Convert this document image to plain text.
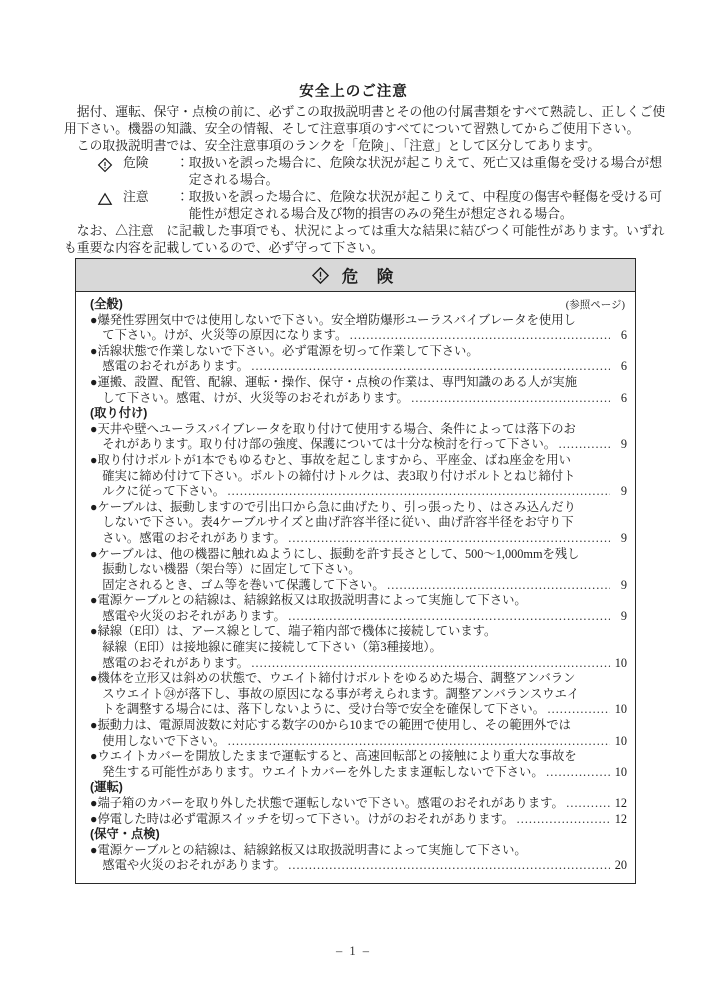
安全上のご注意
据付、運転、保守・点検の前に、必ずこの取扱説明書とその他の付属書類をすべて熟読し、正しくご使
用下さい。機器の知識、安全の情報、そして注意事項のすべてについて習熟してからご使用下さい。
この取扱説明書では、安全注意事項のランクを「危険」、「注意」として区分してあります。
危険	：取扱いを誤った場合に、危険な状況が起こりえて、死亡又は重傷を受ける場合が想
定される場合。
注意	：取扱いを誤った場合に、危険な状況が起こりえて、中程度の傷害や軽傷を受ける可
能性が想定される場合及び物的損害のみの発生が想定される場合。
なお、△注意　に記載した事項でも、状況によっては重大な結果に結びつく可能性があります。いずれ
も重要な内容を記載しているので、必ず守って下さい。
危 険
(参照ページ)
(全般)
● 爆発性雰囲気中では使用しないで下さい。安全増防爆形ユーラスバイブレータを使用し
て下さい。けが、火災等の原因になります。 …………………………………………………………………………………………………………	6
● 活線状態で作業しないで下さい。必ず電源を切って作業して下さい。
感電のおそれがあります。 …………………………………………………………………………………………………………	6
● 運搬、設置、配管、配線、運転・操作、保守・点検の作業は、専門知識のある人が実施
して下さい。感電、けが、火災等のおそれがあります。 …………………………………………………………………………………………………………	6
(取り付け)
● 天井や壁へユーラスバイブレータを取り付けて使用する場合、条件によっては落下のお
それがあります。取り付け部の強度、保護については十分な検討を行って下さい。 …………………………………………………………………………………………………………	9
● 取り付けボルトが1本でもゆるむと、事故を起こしますから、平座金、ばね座金を用い
確実に締め付けて下さい。ボルトの締付けトルクは、表3取り付けボルトとねじ締付ト
ルクに従って下さい。 …………………………………………………………………………………………………………	9
● ケーブルは、振動しますので引出口から急に曲げたり、引っ張ったり、はさみ込んだり
しないで下さい。表4ケーブルサイズと曲げ許容半径に従い、曲げ許容半径をお守り下
さい。感電のおそれがあります。 …………………………………………………………………………………………………………	9
● ケーブルは、他の機器に触れぬようにし、振動を許す長さとして、500〜1,000mmを残し
振動しない機器（架台等）に固定して下さい。
固定されるとき、ゴム等を巻いて保護して下さい。 …………………………………………………………………………………………………………	9
● 電源ケーブルとの結線は、結線銘板又は取扱説明書によって実施して下さい。
感電や火災のおそれがあります。 …………………………………………………………………………………………………………	9
● 緑線（E印）は、アース線として、端子箱内部で機体に接続しています。
緑線（E印）は接地線に確実に接続して下さい（第3種接地）。
感電のおそれがあります。 …………………………………………………………………………………………………………	10
● 機体を立形又は斜めの状態で、ウエイト締付けボルトをゆるめた場合、調整アンバラン
スウエイト㉔が落下し、事故の原因になる事が考えられます。調整アンバランスウエイ
トを調整する場合には、落下しないように、受け台等で安全を確保して下さい。 …………………………………………………………………………………………………………	10
● 振動力は、電源周波数に対応する数字の0から10までの範囲で使用し、その範囲外では
使用しないで下さい。 …………………………………………………………………………………………………………	10
● ウエイトカバーを開放したままで運転すると、高速回転部との接触により重大な事故を
発生する可能性があります。ウエイトカバーを外したまま運転しないで下さい。 …………………………………………………………………………………………………………	10
(運転)
● 端子箱のカバーを取り外した状態で運転しないで下さい。感電のおそれがあります。 …………………………………………………………………………………………………………	12
● 停電した時は必ず電源スイッチを切って下さい。けがのおそれがあります。 …………………………………………………………………………………………………………	12
(保守・点検)
● 電源ケーブルとの結線は、結線銘板又は取扱説明書によって実施して下さい。
感電や火災のおそれがあります。 …………………………………………………………………………………………………………	20
– 1 –
